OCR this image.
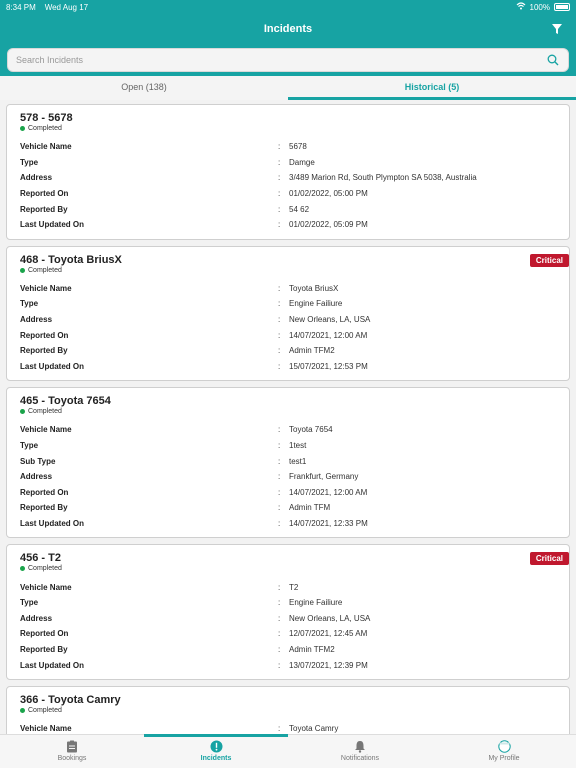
8:34 PM Wed Aug 17	100%
Incidents
Search Incidents
Open (138)	Historical (5)
578 - 5678
Completed
Vehicle Name	:	5678
Type	:	Damge
Address	:	3/489 Marion Rd, South Plympton SA 5038, Australia
Reported On	:	01/02/2022, 05:00 PM
Reported By	:	54 62
Last Updated On	:	01/02/2022, 05:09 PM
468 - Toyota BriusX
Completed
Critical
Vehicle Name	:	Toyota BriusX
Type	:	Engine Failiure
Address	:	New Orleans, LA, USA
Reported On	:	14/07/2021, 12:00 AM
Reported By	:	Admin TFM2
Last Updated On	:	15/07/2021, 12:53 PM
465 - Toyota 7654
Completed
Vehicle Name	:	Toyota 7654
Type	:	1test
Sub Type	:	test1
Address	:	Frankfurt, Germany
Reported On	:	14/07/2021, 12:00 AM
Reported By	:	Admin TFM
Last Updated On	:	14/07/2021, 12:33 PM
456 - T2
Completed
Critical
Vehicle Name	:	T2
Type	:	Engine Failiure
Address	:	New Orleans, LA, USA
Reported On	:	12/07/2021, 12:45 AM
Reported By	:	Admin TFM2
Last Updated On	:	13/07/2021, 12:39 PM
366 - Toyota Camry
Completed
Vehicle Name	:	Toyota Camry
Bookings	Incidents	Notifications	My Profile
